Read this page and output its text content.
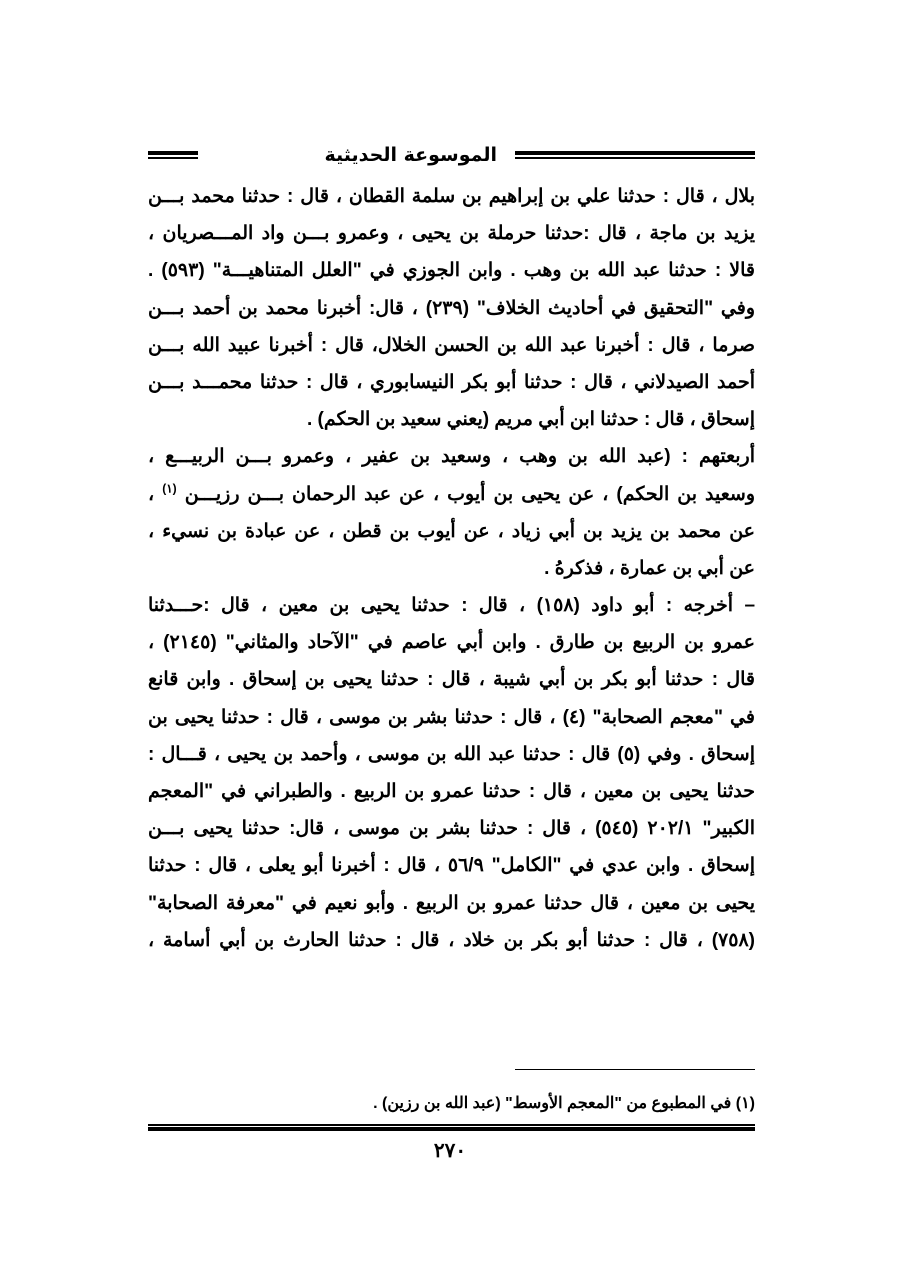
الموسوعة الحديثية
بلال ، قال : حدثنا علي بن إبراهيم بن سلمة القطان ، قال : حدثنا محمد بـــن
يزيد بن ماجة ، قال :حدثنا حرملة بن يحيى ، وعمرو بـــن واد المـــصريان ،
قالا : حدثنا عبد الله بن وهب . وابن الجوزي في "العلل المتناهيـــة" (٥٩٣) .
وفي "التحقيق في أحاديث الخلاف" (٢٣٩) ، قال: أخبرنا محمد بن أحمد بـــن
صرما ، قال : أخبرنا عبد الله بن الحسن الخلال، قال : أخبرنا عبيد الله بـــن
أحمد الصيدلاني ، قال : حدثنا أبو بكر النيسابوري ، قال : حدثنا محمـــد بـــن
إسحاق ، قال : حدثنا ابن أبي مريم (يعني سعيد بن الحكم) .
أربعتهم : (عبد الله بن وهب ، وسعيد بن عفير ، وعمرو بـــن الربيـــع ،
وسعيد بن الحكم) ، عن يحيى بن أيوب ، عن عبد الرحمان بـــن رزيـــن $^{(١)}$ ،
عن محمد بن يزيد بن أبي زياد ، عن أيوب بن قطن ، عن عبادة بن نسيء ،
عن أبي بن عمارة ، فذكرهُ .
– أخرجه : أبو داود (١٥٨) ، قال : حدثنا يحيى بن معين ، قال :حـــدثنا
عمرو بن الربيع بن طارق . وابن أبي عاصم في "الآحاد والمثاني" (٢١٤٥) ،
قال : حدثنا أبو بكر بن أبي شيبة ، قال : حدثنا يحيى بن إسحاق . وابن قانع
في "معجم الصحابة" (٤) ، قال : حدثنا بشر بن موسى ، قال : حدثنا يحيى بن
إسحاق . وفي (٥) قال : حدثنا عبد الله بن موسى ، وأحمد بن يحيى ، قـــال :
حدثنا يحيى بن معين ، قال : حدثنا عمرو بن الربيع . والطبراني في "المعجم
الكبير" ٢٠٢/١ (٥٤٥) ، قال : حدثنا بشر بن موسى ، قال: حدثنا يحيى بـــن
إسحاق . وابن عدي في "الكامل" ٥٦/٩ ، قال : أخبرنا أبو يعلى ، قال : حدثنا
يحيى بن معين ، قال حدثنا عمرو بن الربيع . وأبو نعيم في "معرفة الصحابة"
(٧٥٨) ، قال : حدثنا أبو بكر بن خلاد ، قال : حدثنا الحارث بن أبي أسامة ،
(١) في المطبوع من "المعجم الأوسط" (عبد الله بن رزين) .
٢٧٠
